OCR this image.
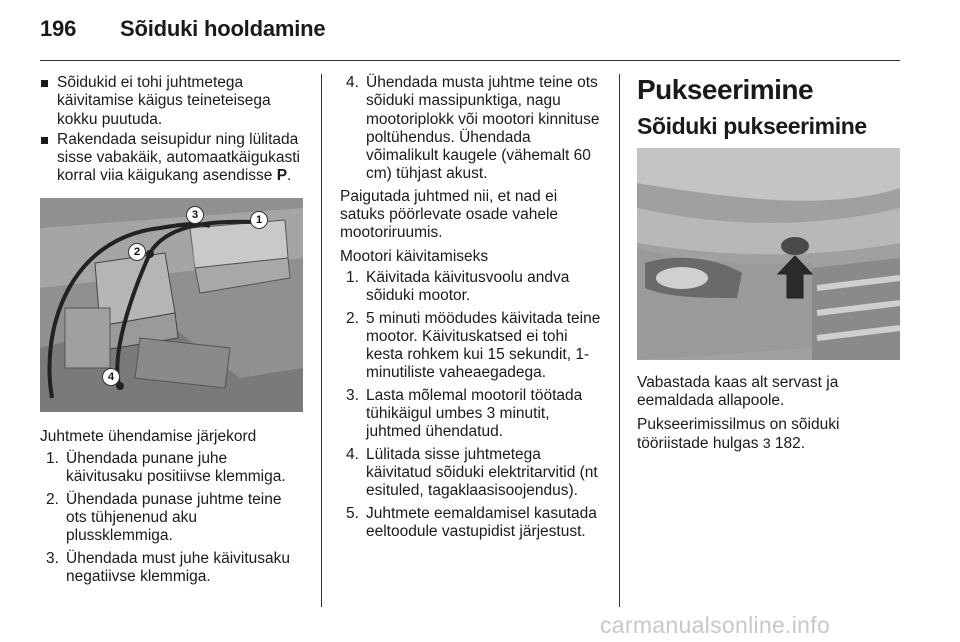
196 Sõiduki hooldamine
Sõidukid ei tohi juhtmetega käivitamise käigus teineteisega kokku puutuda.
Rakendada seisupidur ning lülitada sisse vabakäik, automaatkäigukasti korral viia käigukang asendisse P.
1
2
3
4

Juhtmete ühendamise järjekord

1. Ühendada punane juhe käivitusaku positiivse klemmiga.
2. Ühendada punase juhtme teine ots tühjenenud aku plussklemmiga.
3. Ühendada must juhe käivitusaku negatiivse klemmiga.
4. Ühendada musta juhtme teine ots sõiduki massipunktiga, nagu mootoriplokk või mootori kinnituse poltühendus. Ühendada võimalikult kaugele (vähemalt 60 cm) tühjast akust.

Paigutada juhtmed nii, et nad ei satuks pöörlevate osade vahele mootoriruumis.

Mootori käivitamiseks

1. Käivitada käivitusvoolu andva sõiduki mootor.
2. 5 minuti möödudes käivitada teine mootor. Käivituskatsed ei tohi kesta rohkem kui 15 sekundit, 1-minutiliste vaheaegadega.
3. Lasta mõlemal mootoril töötada tühikäigul umbes 3 minutit, juhtmed ühendatud.
4. Lülitada sisse juhtmetega käivitatud sõiduki elektritarvitid (nt esituled, tagaklaasisoojendus).
5. Juhtmete eemaldamisel kasutada eeltoodule vastupidist järjestust.
Pukseerimine
Sõiduki pukseerimine

Vabastada kaas alt servast ja eemaldada allapoole.

Pukseerimissilmus on sõiduki tööriistade hulgas 3 182.

carmanualsonline.info
